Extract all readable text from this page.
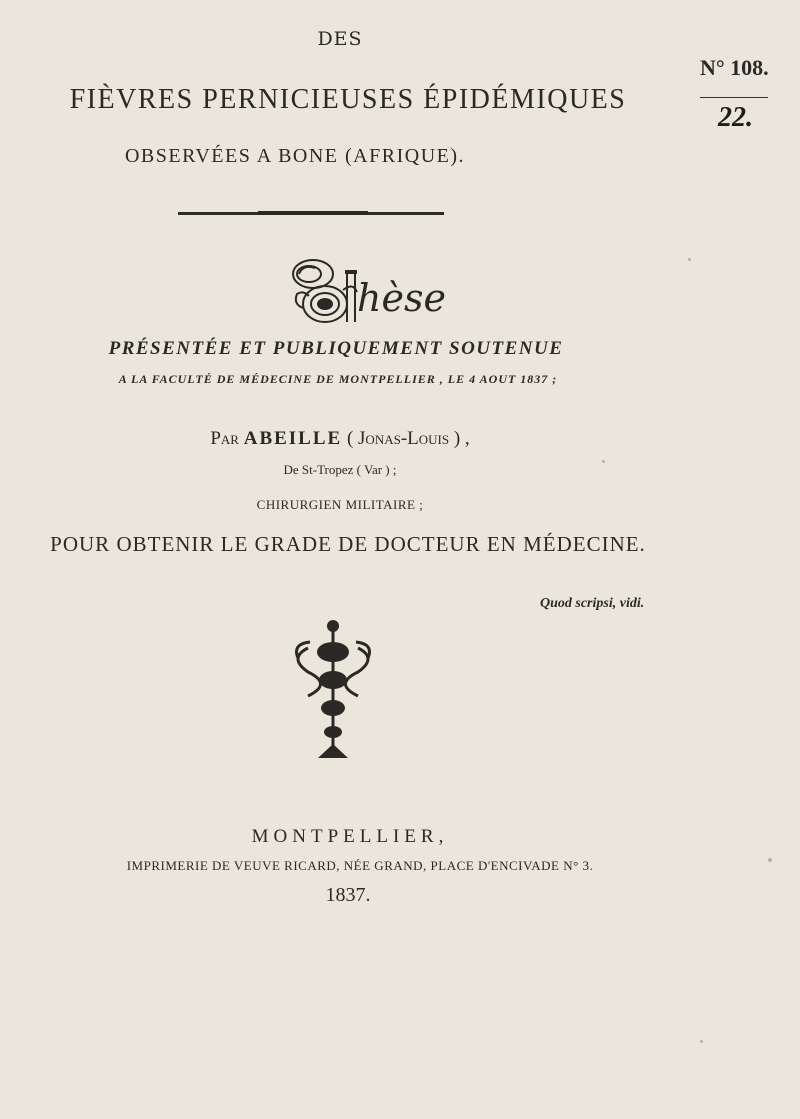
DES
FIÈVRES PERNICIEUSES ÉPIDÉMIQUES
OBSERVÉES A BONE (AFRIQUE).
N° 108.
22.
hèse
PRÉSENTÉE ET PUBLIQUEMENT SOUTENUE
A LA FACULTÉ DE MÉDECINE DE MONTPELLIER , LE 4 AOUT 1837 ;
Par ABEILLE ( Jonas-Louis ) ,
De St-Tropez ( Var ) ;
CHIRURGIEN MILITAIRE ;
POUR OBTENIR LE GRADE DE DOCTEUR EN MÉDECINE.
Quod scripsi, vidi.
MONTPELLIER,
IMPRIMERIE DE VEUVE RICARD, NÉE GRAND, PLACE D'ENCIVADE N° 3.
1837.
